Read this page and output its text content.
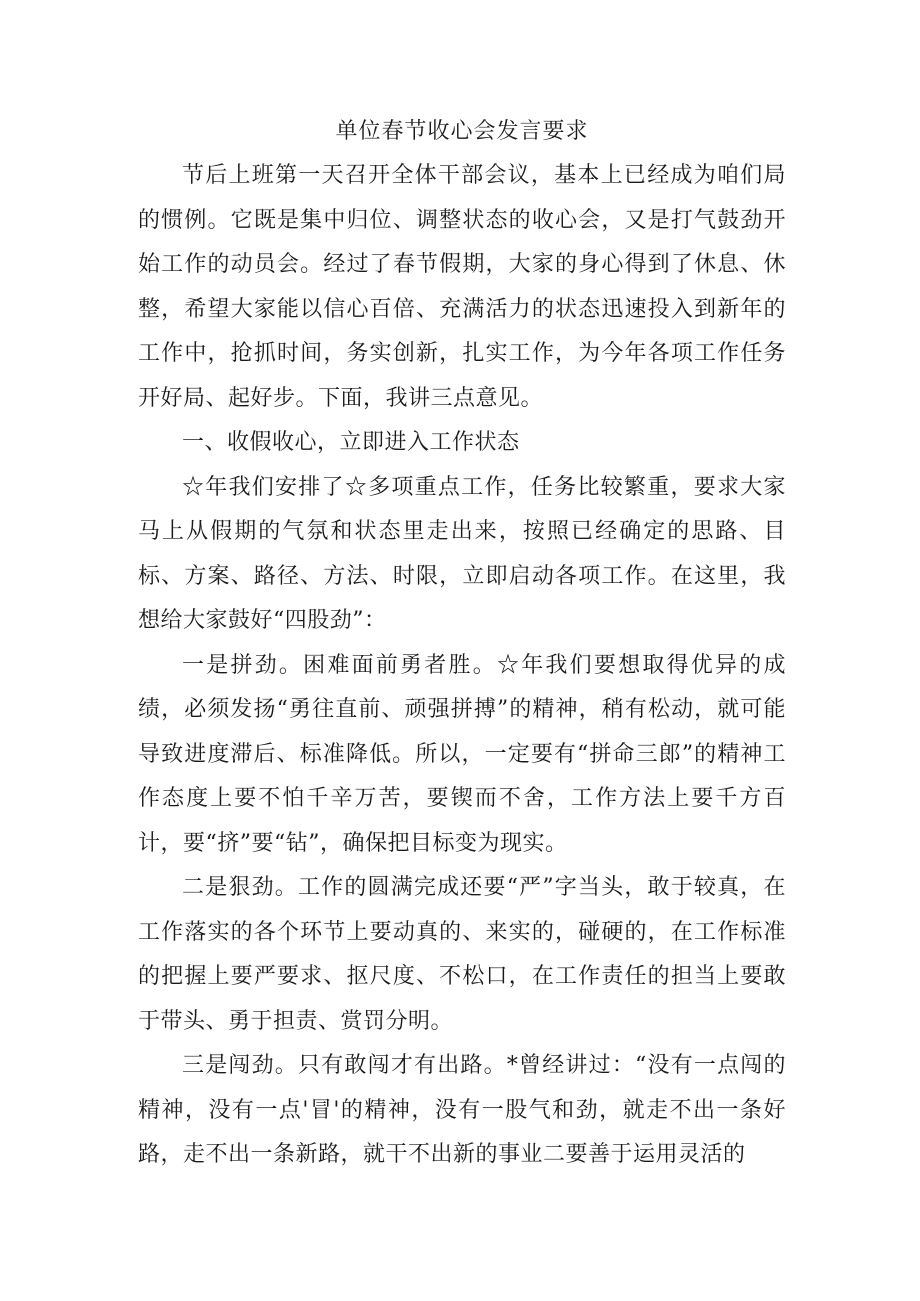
单位春节收心会发言要求

节后上班第一天召开全体干部会议，基本上已经成为咱们局的惯例。它既是集中归位、调整状态的收心会，又是打气鼓劲开始工作的动员会。经过了春节假期，大家的身心得到了休息、休整，希望大家能以信心百倍、充满活力的状态迅速投入到新年的工作中，抢抓时间，务实创新，扎实工作，为今年各项工作任务开好局、起好步。下面，我讲三点意见。

一、收假收心，立即进入工作状态

☆年我们安排了☆多项重点工作，任务比较繁重，要求大家马上从假期的气氛和状态里走出来，按照已经确定的思路、目标、方案、路径、方法、时限，立即启动各项工作。在这里，我想给大家鼓好“四股劲”：

一是拼劲。困难面前勇者胜。☆年我们要想取得优异的成绩，必须发扬“勇往直前、顽强拼搏”的精神，稍有松动，就可能导致进度滞后、标准降低。所以，一定要有“拼命三郎”的精神工作态度上要不怕千辛万苦，要锲而不舍，工作方法上要千方百计，要“挤”要“钻”，确保把目标变为现实。

二是狠劲。工作的圆满完成还要“严”字当头，敢于较真，在工作落实的各个环节上要动真的、来实的，碰硬的，在工作标准的把握上要严要求、抠尺度、不松口，在工作责任的担当上要敢于带头、勇于担责、赏罚分明。

三是闯劲。只有敢闯才有出路。*曾经讲过：“没有一点闯的精神，没有一点'冒'的精神，没有一股气和劲，就走不出一条好路，走不出一条新路，就干不出新的事业二要善于运用灵活的
